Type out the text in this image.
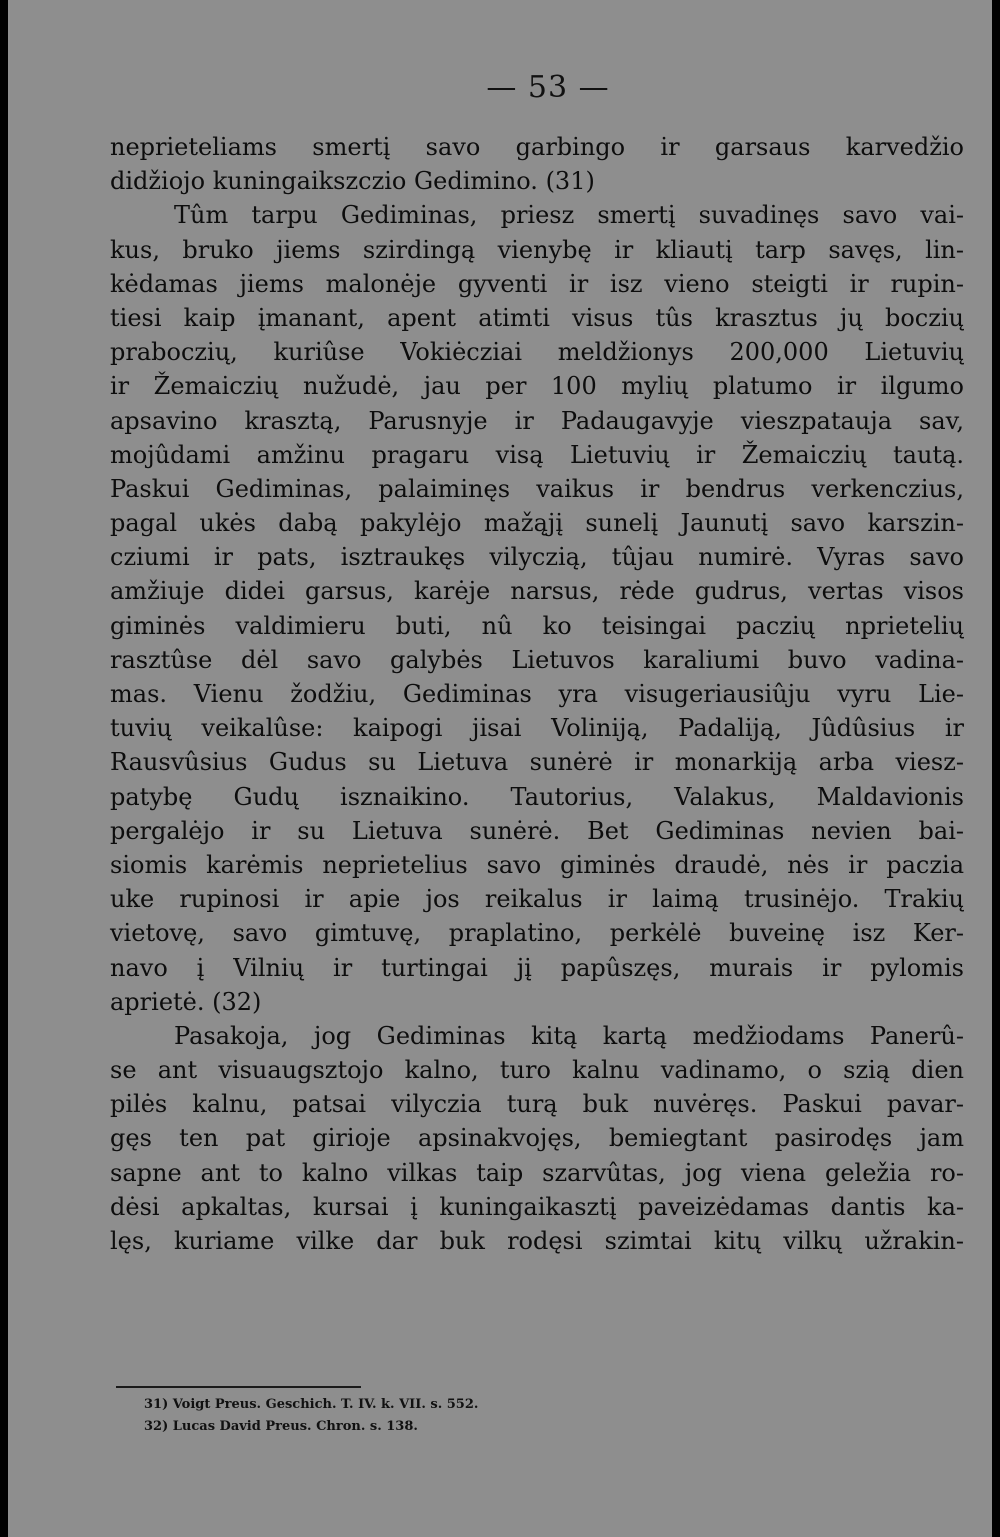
— 53 —
neprieteliams smertį savo garbingo ir garsaus karvedžio
didžiojo kuningaikszczio Gedimino. (31)
Tûm tarpu Gediminas, priesz smertį suvadinęs savo vai-
kus, bruko jiems szirdingą vienybę ir kliautį tarp savęs, lin-
kėdamas jiems malonėje gyventi ir isz vieno steigti ir rupin-
tiesi kaip įmanant, apent atimti visus tûs krasztus jų boczių
praboczių, kuriûse Vokiėcziai meldžionys 200,000 Lietuvių
ir Žemaiczių nužudė, jau per 100 mylių platumo ir ilgumo
apsavino krasztą, Parusnyje ir Padaugavyje vieszpatauja sav,
mojûdami amžinu pragaru visą Lietuvių ir Žemaiczių tautą.
Paskui Gediminas, palaiminęs vaikus ir bendrus verkenczius,
pagal ukės dabą pakylėjo mažąjį sunelį Jaunutį savo karszin-
cziumi ir pats, isztraukęs vilyczią, tûjau numirė. Vyras savo
amžiuje didei garsus, karėje narsus, rėde gudrus, vertas visos
giminės valdimieru buti, nû ko teisingai paczių nprietelių
rasztûse dėl savo galybės Lietuvos karaliumi buvo vadina-
mas. Vienu žodžiu, Gediminas yra visugeriausiûju vyru Lie-
tuvių veikalûse: kaipogi jisai Voliniją, Padaliją, Jûdûsius ir
Rausvûsius Gudus su Lietuva sunėrė ir monarkiją arba viesz-
patybę Gudų isznaikino. Tautorius, Valakus, Maldavionis
pergalėjo ir su Lietuva sunėrė. Bet Gediminas nevien bai-
siomis karėmis neprietelius savo giminės draudė, nės ir paczia
uke rupinosi ir apie jos reikalus ir laimą trusinėjo. Trakių
vietovę, savo gimtuvę, praplatino, perkėlė buveinę isz Ker-
navo į Vilnių ir turtingai jį papûszęs, murais ir pylomis
aprietė. (32)
Pasakoja, jog Gediminas kitą kartą medžiodams Panerû-
se ant visuaugsztojo kalno, turo kalnu vadinamo, o szią dien
pilės kalnu, patsai vilyczia turą buk nuvėręs. Paskui pavar-
gęs ten pat girioje apsinakvojęs, bemiegtant pasirodęs jam
sapne ant to kalno vilkas taip szarvûtas, jog viena geležia ro-
dėsi apkaltas, kursai į kuningaikasztį paveizėdamas dantis ka-
lęs, kuriame vilke dar buk rodęsi szimtai kitų vilkų užrakin-
31) Voigt Preus. Geschich. T. IV. k. VII. s. 552.
32) Lucas David Preus. Chron. s. 138.
